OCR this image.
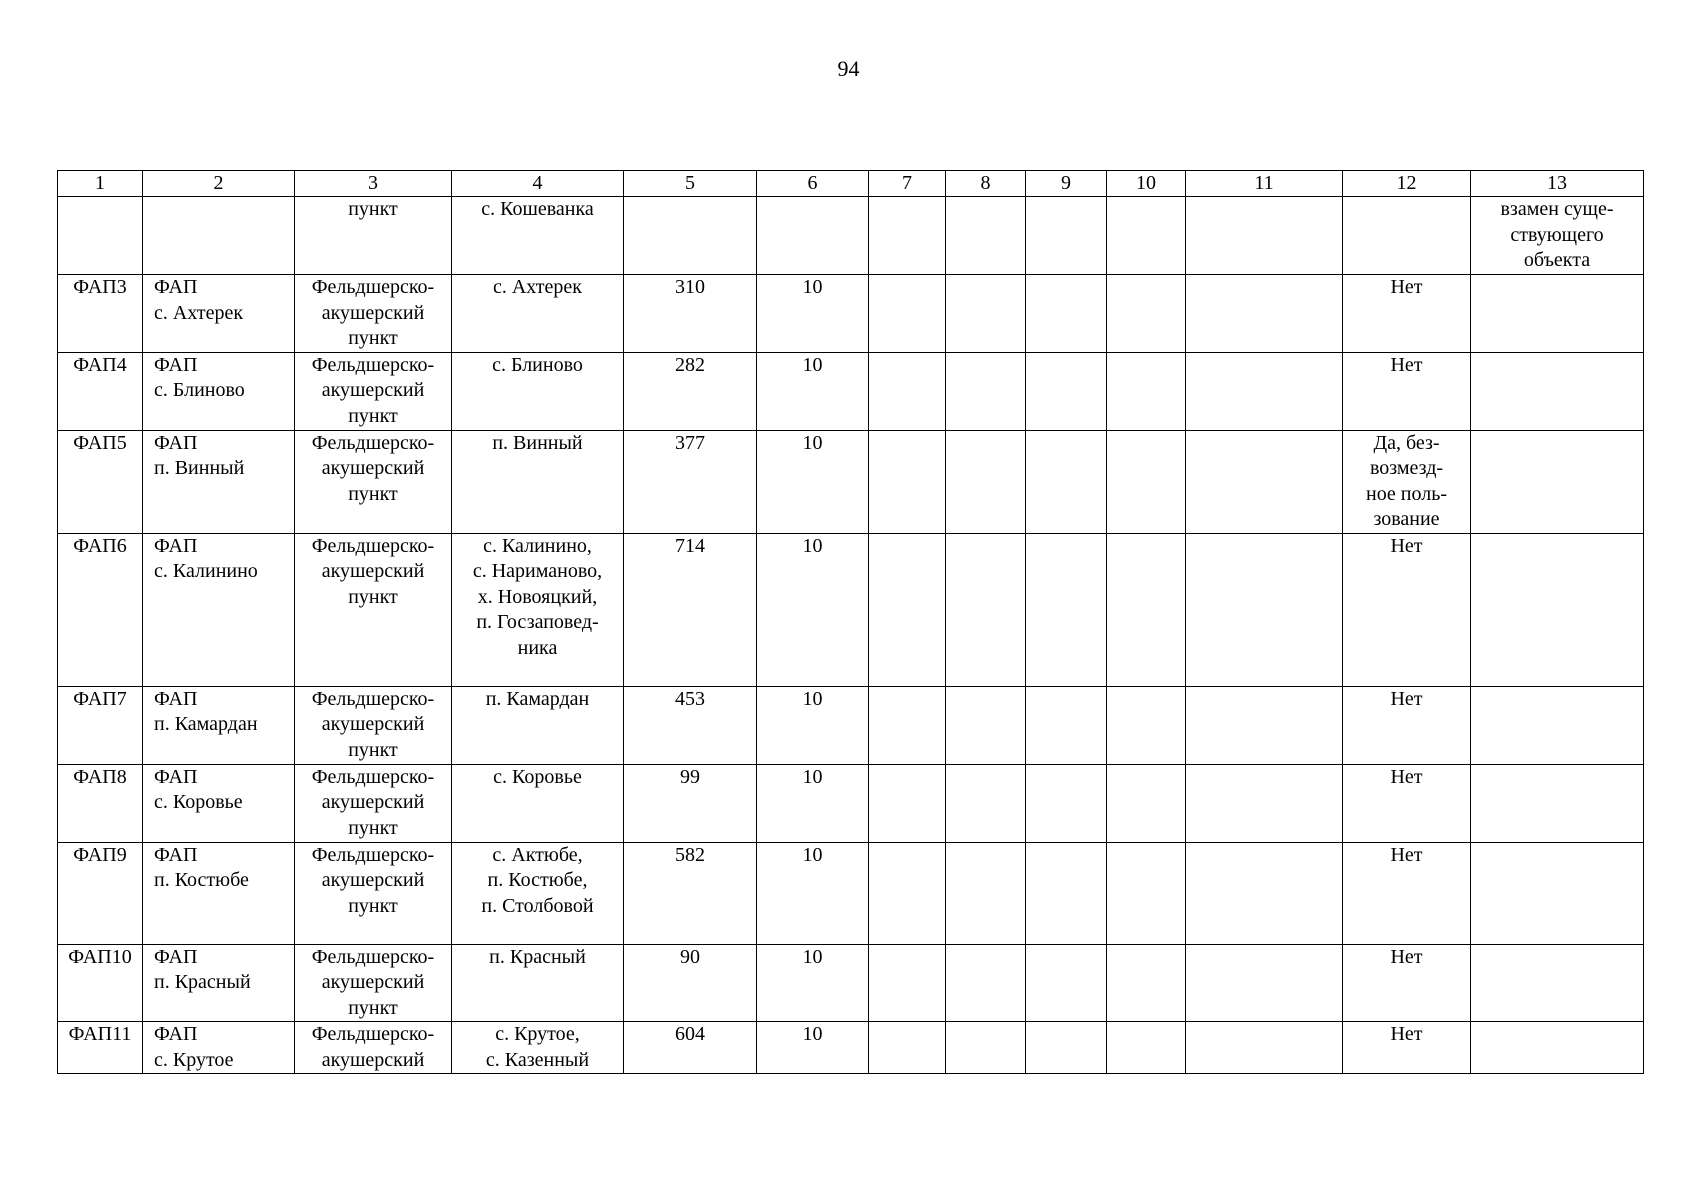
94
1	2	3	4	5	6	7	8	9	10	11	12	13
		пункт	с. Кошеванка									взамен суще-
ствующего
объекта
ФАП3	ФАП
с. Ахтерек	Фельдшерско-
акушерский
пункт	с. Ахтерек	310	10						Нет	
ФАП4	ФАП
с. Блиново	Фельдшерско-
акушерский
пункт	с. Блиново	282	10						Нет	
ФАП5	ФАП
п. Винный	Фельдшерско-
акушерский
пункт	п. Винный	377	10						Да, без-
возмезд-
ное поль-
зование	
ФАП6	ФАП
с. Калинино	Фельдшерско-
акушерский
пункт	с. Калинино,
с. Нариманово,
х. Новояцкий,
п. Госзаповед-
ника	714	10						Нет	
ФАП7	ФАП
п. Камардан	Фельдшерско-
акушерский
пункт	п. Камардан	453	10						Нет	
ФАП8	ФАП
с. Коровье	Фельдшерско-
акушерский
пункт	с. Коровье	99	10						Нет	
ФАП9	ФАП
п. Костюбе	Фельдшерско-
акушерский
пункт	с. Актюбе,
п. Костюбе,
п. Столбовой	582	10						Нет	
ФАП10	ФАП
п. Красный	Фельдшерско-
акушерский
пункт	п. Красный	90	10						Нет	
ФАП11	ФАП
с. Крутое	Фельдшерско-
акушерский	с. Крутое,
с. Казенный	604	10						Нет	
